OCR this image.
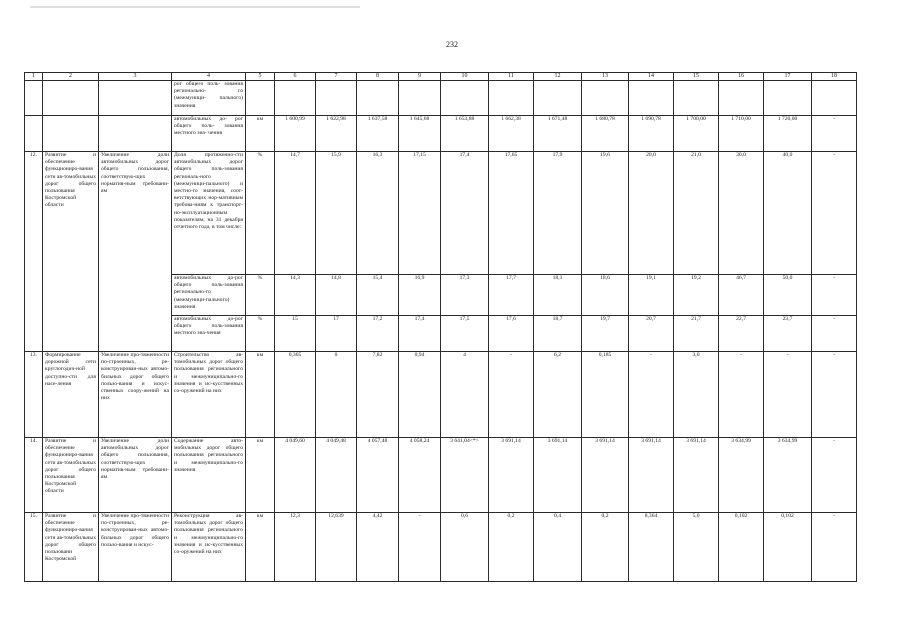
232
1	2	3	4	5	6	7	8	9	10	11	12	13	14	15	16	17	18
			рог общего поль- зования регионально- го (межмуници- пального) значения														
			автомобильных до- рог общего поль- зования местного зна- чения	км	1 600,99	1 622,98	1 637,58	1 645,68	1 653,88	1 662,38	1 671,48	1 680,78	1 690,78	1 700,00	1 710,00	1 720,00	-
12.	Развитие и обеспечение функциониро-вания сети ав-томобильных дорог общего пользования Костромской области	Увеличение доли автомобильных дорог общего пользования, соответствую-щих норматив-ным требовани-ям	Доля протяженно-сти автомобильных дорог общего поль-зования региональ-ного (межмуници-пального) и местно-го значения, соот-ветствующих нор-мативным требова-ниям к транспорт-но-эксплуатационным показателям, на 31 декабря отчетного года, в том числе:	%	14,7	15,9	16,3	17,15	17,4	17,65	17,9	19,6	20,0	21,0	30,0	40,0	-
			автомобильных до-рог общего поль-зования регионально-го (межмуници-пального) значения	%	14,3	14,8	15,4	16,9	17,3	17,7	18,1	18,6	19,1	19,2	46,7	50,0	-
			автомобильных до-рог общего поль-зования местного зна-чения	%	15	17	17,2	17,4	17,5	17,6	18,7	19,7	20,7	21,7	22,7	23,7	-
13.	Формирование дорожной сети круглогодич-ной доступно-сти для насе-ления	Увеличение про-тяженности по-строенных, ре-конструирован-ных автомо-бильных дорог общего пользо-вания и искус-ственных соору-жений на них	Строительство ав-томобильных дорог общего пользования регионального и межмуниципально-го значения и ис-кусственных со-оружений на них	км	0,305	0	7,82	0,94	4	-	6,2	0,185	-	3,0	-	-	-
14.	Развитие и обеспечение функциониро-вания сети ав-томобильных дорог общего пользования Костромской области	Увеличение доли автомобильных дорог общего пользования, соответствую-щих норматив-ным требовани-ям	Содержание авто-мобильных дорог общего пользования регионального и межмуниципально-го значения	км	4 049,60	4 049,48	4 057,48	4 058,24	3 641,04<*>	3 691,14	3 691,14	3 691,14	3 691,14	3 691,14	3 634,99	3 634,99	-
15.	Развитие и обеспечение функциониро-вания сети ав-томобильных дорог общего пользовани Костромской	Увеличение про-тяженности по-строенных, ре-конструирован-ных автомо-бильных дорог общего пользо-вания и искус-	Реконструкция ав-томобильных дорог общего пользования регионального и межмуниципально-го значения и ис-кусственных со-оружений на них	км	12,3	12,639	4,42	-	0,6	0,2	0,4	0,2	8,364	5,0	0,102	0,102	-
